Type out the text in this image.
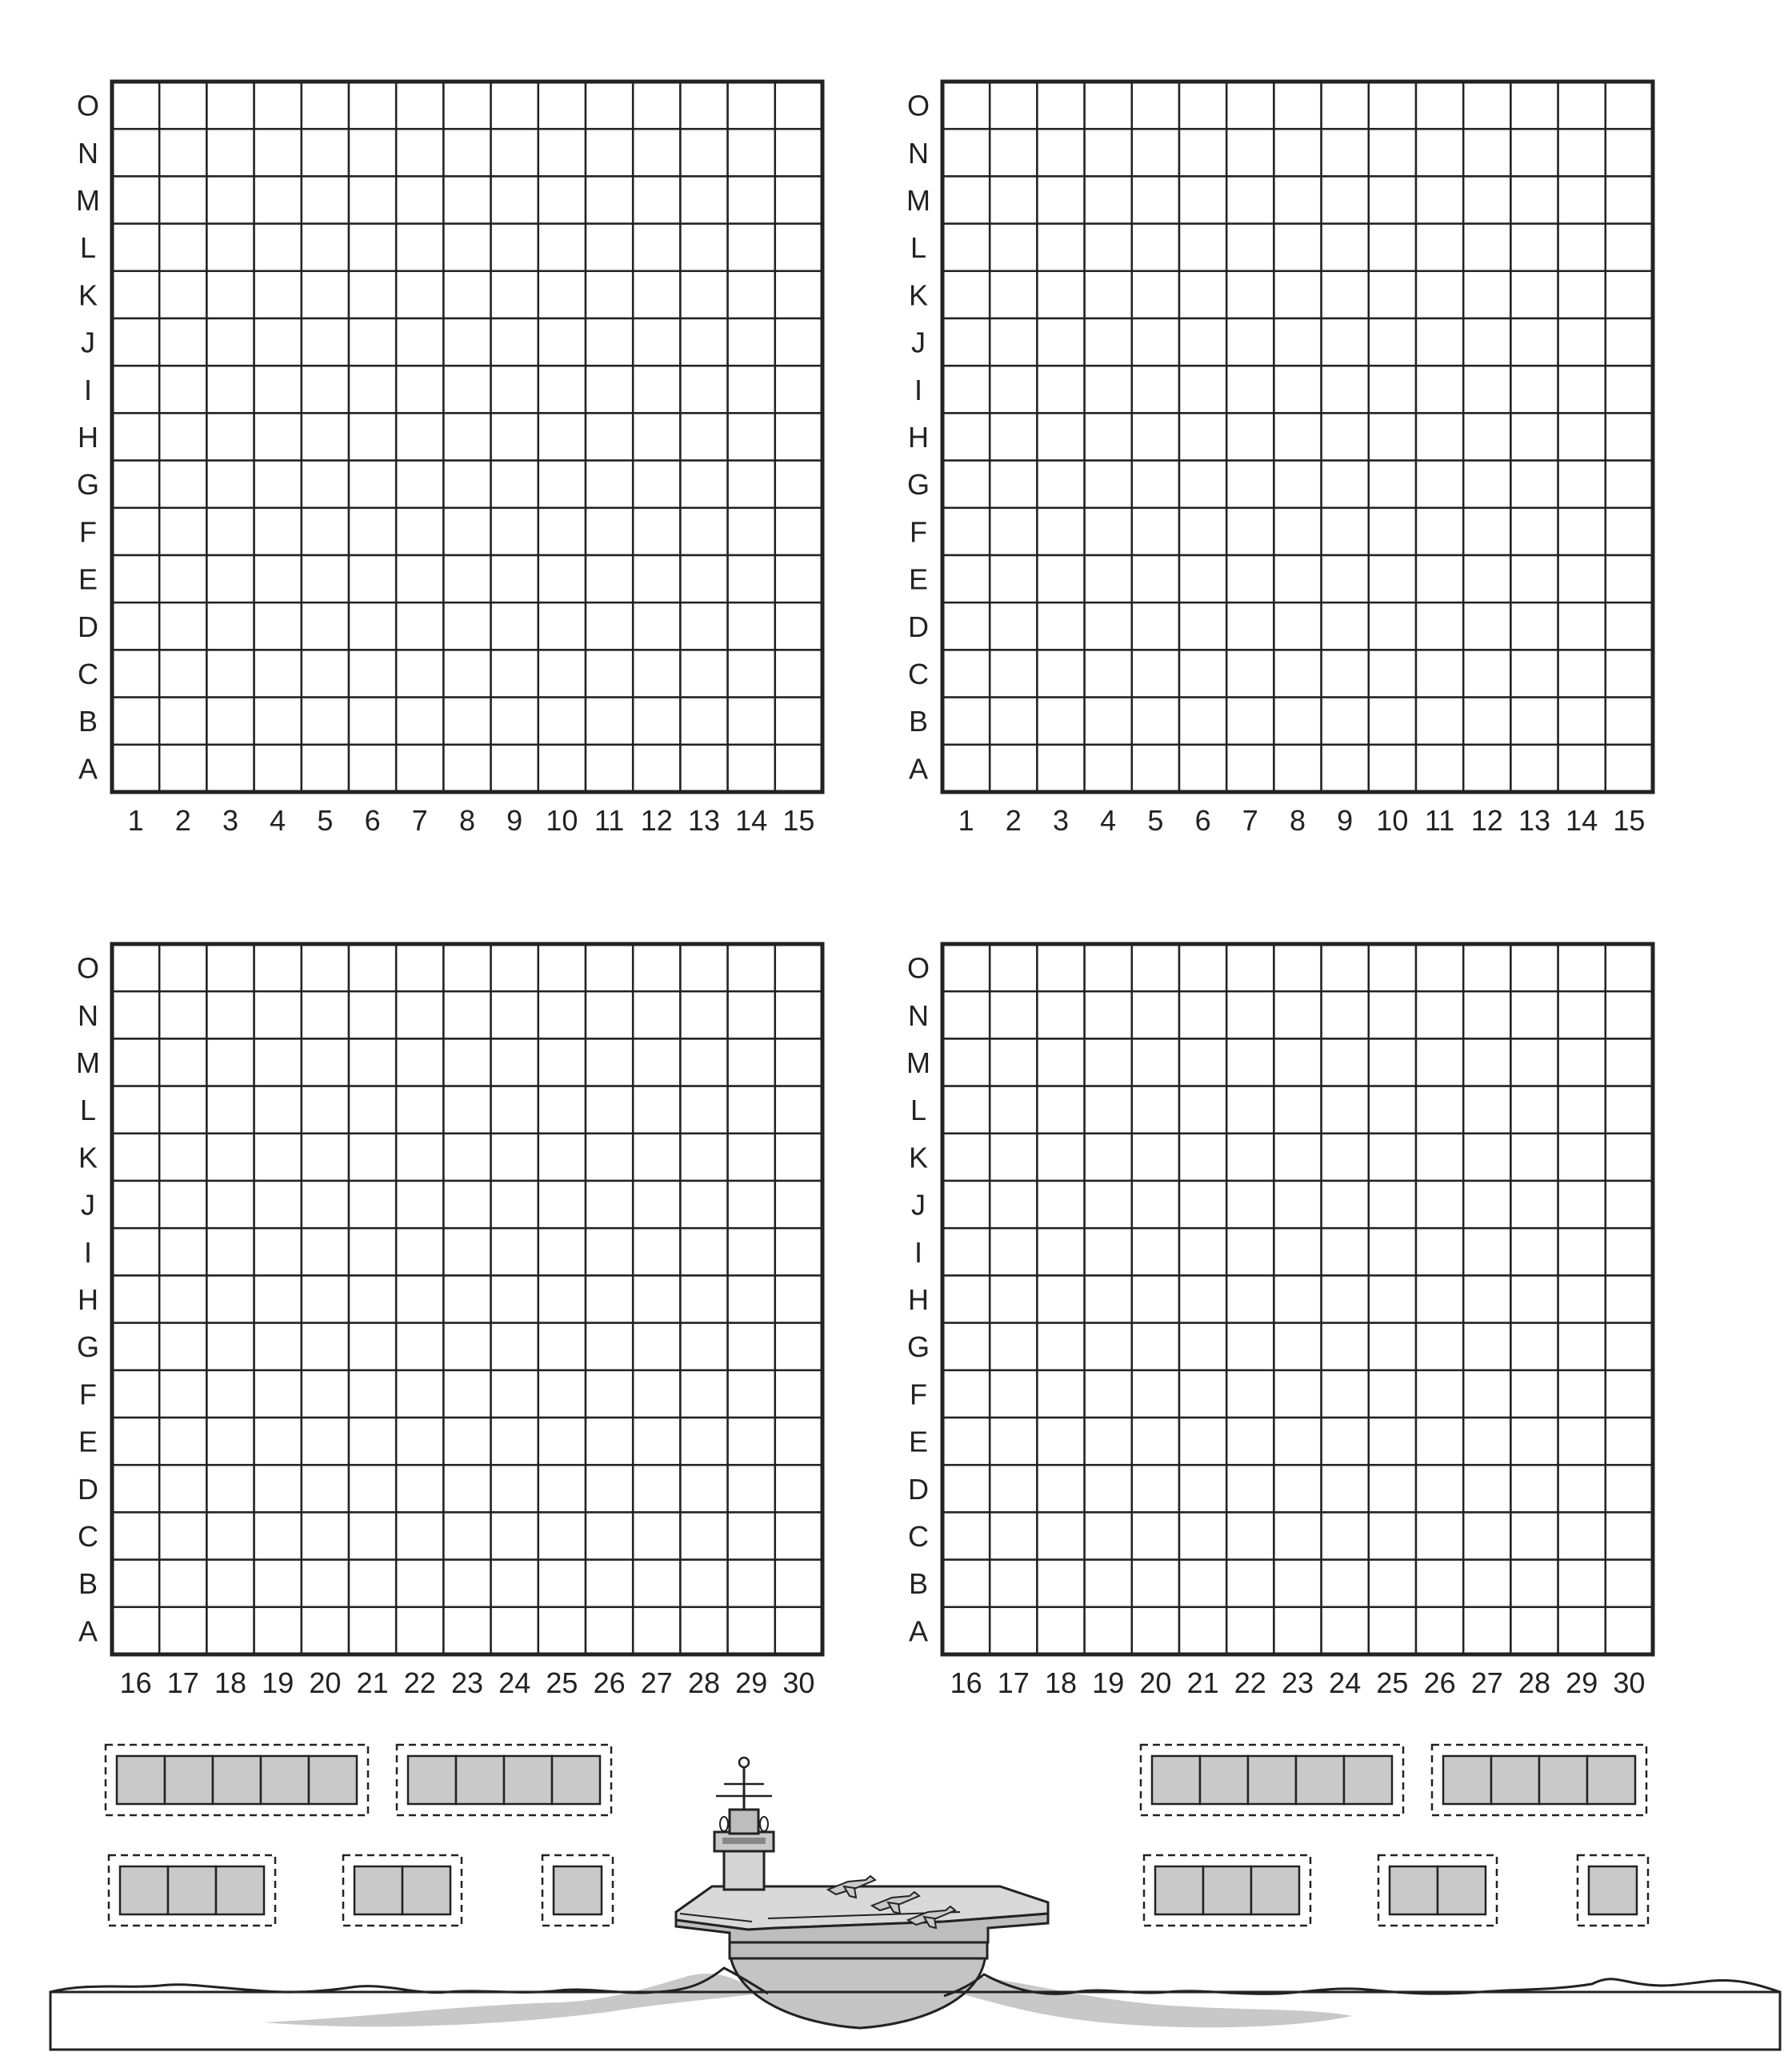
O
N
M
L
K
J
I
H
G
F
E
D
C
B
A
1 2 3 4 5 6 7 8 9 10 11 12 13 14 15
O
N
M
L
K
J
I
H
G
F
E
D
C
B
A
1 2 3 4 5 6 7 8 9 10 11 12 13 14 15
O
N
M
L
K
J
I
H
G
F
E
D
C
B
A
16 17 18 19 20 21 22 23 24 25 26 27 28 29 30
O
N
M
L
K
J
I
H
G
F
E
D
C
B
A
16 17 18 19 20 21 22 23 24 25 26 27 28 29 30
